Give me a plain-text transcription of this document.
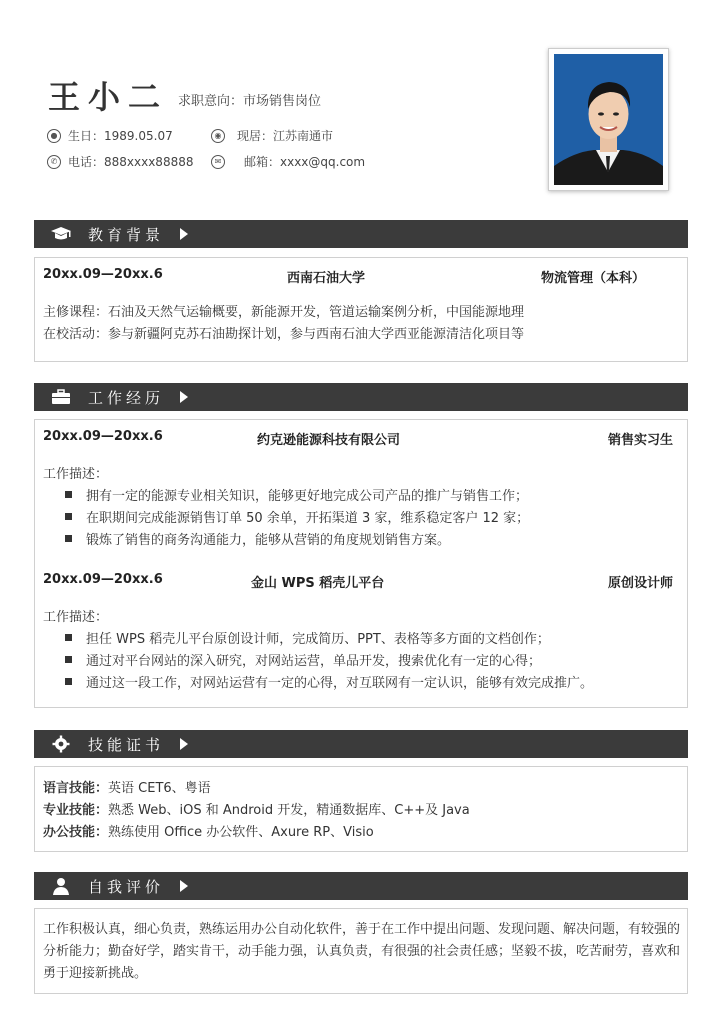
王小二 求职意向：市场销售岗位
● 生日：1989.05.07	◉ 现居：江苏南通市
✆ 电话：888xxxx88888	✉	邮箱：xxxx@qq.com
教育背景
20xx.09—20xx.6	西南石油大学	物流管理（本科）
主修课程：石油及天然气运输概要，新能源开发，管道运输案例分析，中国能源地理
在校活动：参与新疆阿克苏石油勘探计划，参与西南石油大学西亚能源清洁化项目等
工作经历
20xx.09—20xx.6	约克逊能源科技有限公司	销售实习生
工作描述：
拥有一定的能源专业相关知识，能够更好地完成公司产品的推广与销售工作；
在职期间完成能源销售订单 50 余单，开拓渠道 3 家，维系稳定客户 12 家；
锻炼了销售的商务沟通能力，能够从营销的角度规划销售方案。
20xx.09—20xx.6	金山 WPS 稻壳儿平台	原创设计师
工作描述：
担任 WPS 稻壳儿平台原创设计师，完成简历、PPT、表格等多方面的文档创作；
通过对平台网站的深入研究，对网站运营，单品开发，搜索优化有一定的心得；
通过这一段工作，对网站运营有一定的心得，对互联网有一定认识，能够有效完成推广。
技能证书
语言技能：英语 CET6、粤语
专业技能：熟悉 Web、iOS 和 Android 开发，精通数据库、C++及 Java
办公技能：熟练使用 Office 办公软件、Axure RP、Visio
自我评价
工作积极认真，细心负责，熟练运用办公自动化软件，善于在工作中提出问题、发现问题、解决问题，有较强的分析能力；勤奋好学，踏实肯干，动手能力强，认真负责，有很强的社会责任感；坚毅不拔，吃苦耐劳，喜欢和勇于迎接新挑战。
